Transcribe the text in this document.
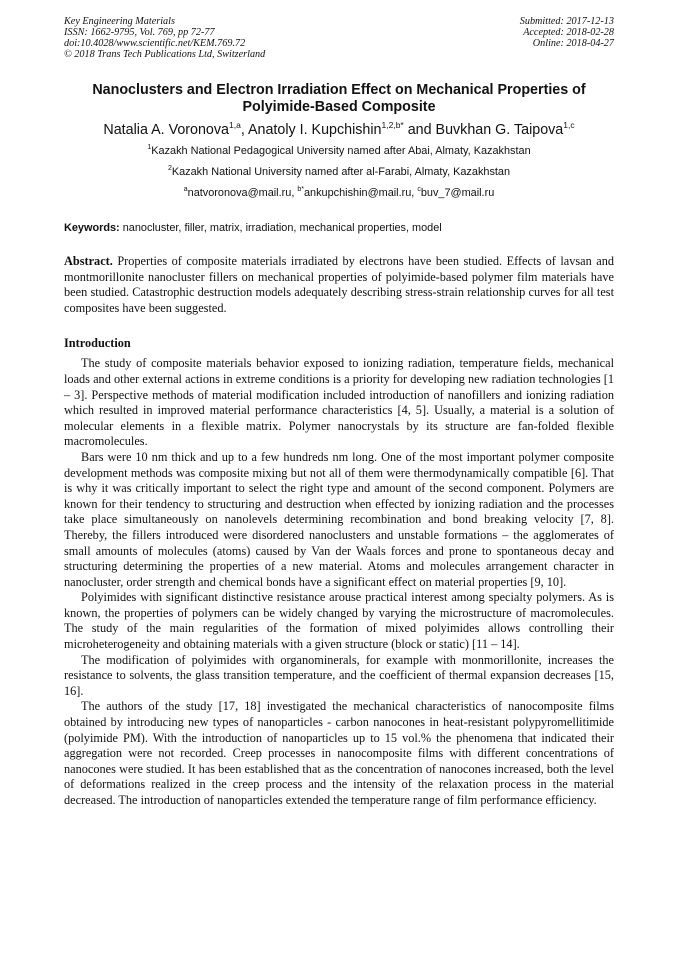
Key Engineering Materials
ISSN: 1662-9795, Vol. 769, pp 72-77
doi:10.4028/www.scientific.net/KEM.769.72
© 2018 Trans Tech Publications Ltd, Switzerland
Submitted: 2017-12-13
Accepted: 2018-02-28
Online: 2018-04-27
Nanoclusters and Electron Irradiation Effect on Mechanical Properties of Polyimide-Based Composite
Natalia A. Voronova$^{1,a}$, Anatoly I. Kupchishin$^{1,2,b*}$ and Buvkhan G. Taipova$^{1,c}$
$^1$Kazakh National Pedagogical University named after Abai, Almaty, Kazakhstan
$^2$Kazakh National University named after al-Farabi, Almaty, Kazakhstan
$^a$natvoronova@mail.ru, $^{b*}$ankupchishin@mail.ru, $^c$buv_7@mail.ru
Keywords: nanocluster, filler, matrix, irradiation, mechanical properties, model
Abstract. Properties of composite materials irradiated by electrons have been studied. Effects of lavsan and montmorillonite nanocluster fillers on mechanical properties of polyimide-based polymer film materials have been studied. Catastrophic destruction models adequately describing stress-strain relationship curves for all test composites have been suggested.
Introduction

The study of composite materials behavior exposed to ionizing radiation, temperature fields, mechanical loads and other external actions in extreme conditions is a priority for developing new radiation technologies [1 – 3]. Perspective methods of material modification included introduction of nanofillers and ionizing radiation which resulted in improved material performance characteristics [4, 5]. Usually, a material is a solution of molecular elements in a flexible matrix. Polymer nanocrystals by its structure are fan-folded flexible macromolecules.

Bars were 10 nm thick and up to a few hundreds nm long. One of the most important polymer composite development methods was composite mixing but not all of them were thermodynamically compatible [6]. That is why it was critically important to select the right type and amount of the second component. Polymers are known for their tendency to structuring and destruction when effected by ionizing radiation and the processes take place simultaneously on nanolevels determining recombination and bond breaking velocity [7, 8]. Thereby, the fillers introduced were disordered nanoclusters and unstable formations – the agglomerates of small amounts of molecules (atoms) caused by Van der Waals forces and prone to spontaneous decay and structuring determining the properties of a new material. Atoms and molecules arrangement character in nanocluster, order strength and chemical bonds have a significant effect on material properties [9, 10].

Polyimides with significant distinctive resistance arouse practical interest among specialty polymers. As is known, the properties of polymers can be widely changed by varying the microstructure of macromolecules. The study of the main regularities of the formation of mixed polyimides allows controlling their microheterogeneity and obtaining materials with a given structure (block or static) [11 – 14].

The modification of polyimides with organominerals, for example with monmorillonite, increases the resistance to solvents, the glass transition temperature, and the coefficient of thermal expansion decreases [15, 16].

The authors of the study [17, 18] investigated the mechanical characteristics of nanocomposite films obtained by introducing new types of nanoparticles - carbon nanocones in heat-resistant polypyromellitimide (polyimide PM). With the introduction of nanoparticles up to 15 vol.% the phenomena that indicated their aggregation were not recorded. Creep processes in nanocomposite films with different concentrations of nanocones were studied. It has been established that as the concentration of nanocones increased, both the level of deformations realized in the creep process and the intensity of the relaxation process in the material decreased. The introduction of nanoparticles extended the temperature range of film performance efficiency.
